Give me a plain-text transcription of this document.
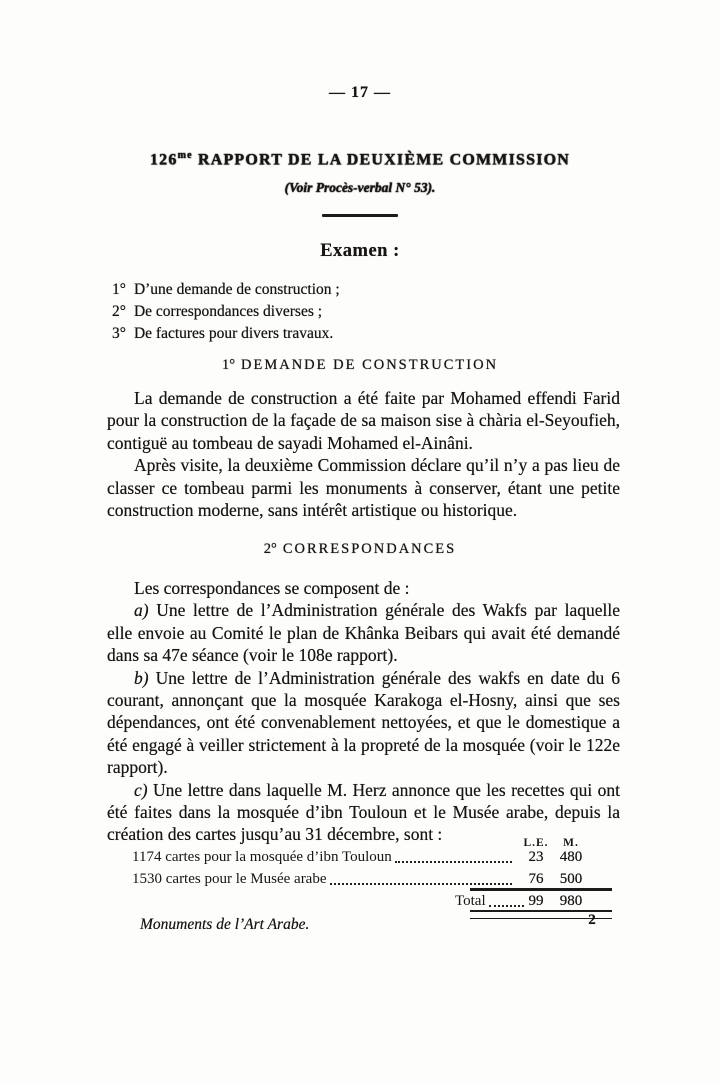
— 17 —
$126^{me}$ RAPPORT DE LA DEUXIÈME COMMISSION
(Voir Procès-verbal N° 53).
Examen :
1° D’une demande de construction ;
2° De correspondances diverses ;
3° De factures pour divers travaux.
1° DEMANDE DE CONSTRUCTION

La demande de construction a été faite par Mohamed effendi Farid pour la construction de la façade de sa maison sise à chària el-Seyoufieh, contiguë au tombeau de sayadi Mohamed el-Ainâni.

Après visite, la deuxième Commission déclare qu’il n’y a pas lieu de classer ce tombeau parmi les monuments à conserver, étant une petite construction moderne, sans intérêt artistique ou historique.

2° CORRESPONDANCES

Les correspondances se composent de :

a) Une lettre de l’Administration générale des Wakfs par laquelle elle envoie au Comité le plan de Khânka Beibars qui avait été demandé dans sa 47e séance (voir le 108e rapport).

b) Une lettre de l’Administration générale des wakfs en date du 6 courant, annonçant que la mosquée Karakoga el-Hosny, ainsi que ses dépendances, ont été convenablement nettoyées, et que le domestique a été engagé à veiller strictement à la propreté de la mosquée (voir le 122e rapport).

c) Une lettre dans laquelle M. Herz annonce que les recettes qui ont été faites dans la mosquée d’ibn Touloun et le Musée arabe, depuis la création des cartes jusqu’au 31 décembre, sont :	L.E.	M.
1174 cartes pour la mosquée d’ibn Touloun	23	480
1530 cartes pour le Musée arabe	76	500
Total	99	980
Monuments de l’Art Arabe.	2
